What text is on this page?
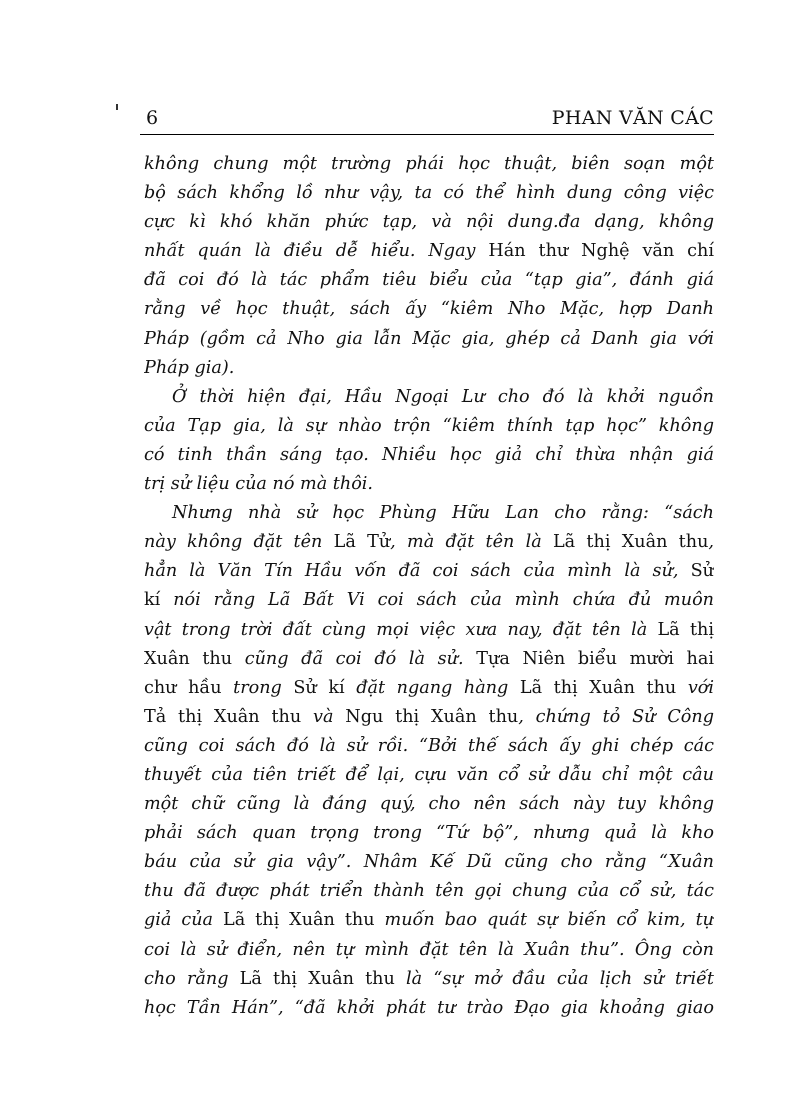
6	PHAN VĂN CÁC
không chung một trường phái học thuật, biên soạn một
bộ sách khổng lồ như vậy, ta có thể hình dung công việc
cực kì khó khăn phức tạp, và nội dung.đa dạng, không
nhất quán là điều dễ hiểu. Ngay Hán thư Nghệ văn chí
đã coi đó là tác phẩm tiêu biểu của “tạp gia”, đánh giá
rằng về học thuật, sách ấy “kiêm Nho Mặc, hợp Danh
Pháp (gồm cả Nho gia lẫn Mặc gia, ghép cả Danh gia với
Pháp gia).
Ở thời hiện đại, Hầu Ngoại Lư cho đó là khởi nguồn
của Tạp gia, là sự nhào trộn “kiêm thính tạp học” không
có tinh thần sáng tạo. Nhiều học giả chỉ thừa nhận giá
trị sử liệu của nó mà thôi.
Nhưng nhà sử học Phùng Hữu Lan cho rằng: “sách
này không đặt tên Lã Tử, mà đặt tên là Lã thị Xuân thu,
hẳn là Văn Tín Hầu vốn đã coi sách của mình là sử, Sử
kí nói rằng Lã Bất Vi coi sách của mình chứa đủ muôn
vật trong trời đất cùng mọi việc xưa nay, đặt tên là Lã thị
Xuân thu cũng đã coi đó là sử. Tựa Niên biểu mười hai
chư hầu trong Sử kí đặt ngang hàng Lã thị Xuân thu với
Tả thị Xuân thu và Ngu thị Xuân thu, chứng tỏ Sử Công
cũng coi sách đó là sử rồi. “Bởi thế sách ấy ghi chép các
thuyết của tiên triết để lại, cựu văn cổ sử dẫu chỉ một câu
một chữ cũng là đáng quý, cho nên sách này tuy không
phải sách quan trọng trong “Tứ bộ”, nhưng quả là kho
báu của sử gia vậy”. Nhâm Kế Dũ cũng cho rằng “Xuân
thu đã được phát triển thành tên gọi chung của cổ sử, tác
giả của Lã thị Xuân thu muốn bao quát sự biến cổ kim, tự
coi là sử điển, nên tự mình đặt tên là Xuân thu”. Ông còn
cho rằng Lã thị Xuân thu là “sự mở đầu của lịch sử triết
học Tần Hán”, “đã khởi phát tư trào Đạo gia khoảng giao
